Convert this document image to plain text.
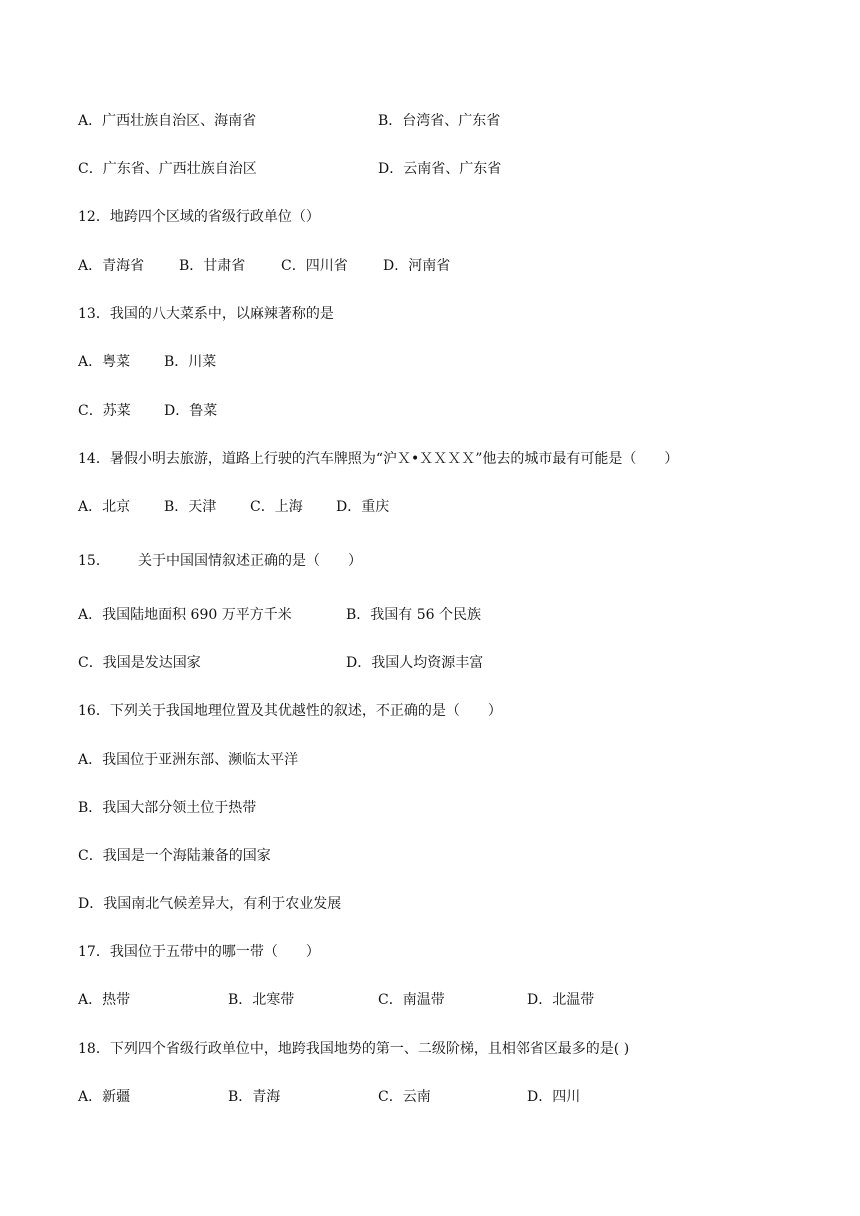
A．广西壮族自治区、海南省	B．台湾省、广东省
C．广东省、广西壮族自治区	D．云南省、广东省
12．地跨四个区域的省级行政单位（）
A．青海省 B．甘肃省	C．四川省	D．河南省
13．我国的八大菜系中，以麻辣著称的是
A．粤菜 B．川菜
C．苏菜 D．鲁菜
14．暑假小明去旅游，道路上行驶的汽车牌照为“沪Ｘ•ＸＸＸＸ”他去的城市最有可能是（　　）
A．北京 B．天津 C．上海 D．重庆
15． 关于中国国情叙述正确的是（　　）
A．我国陆地面积 690 万平方千米	B．我国有 56 个民族
C．我国是发达国家	D．我国人均资源丰富
16．下列关于我国地理位置及其优越性的叙述，不正确的是（　　）
A．我国位于亚洲东部、濒临太平洋
B．我国大部分领土位于热带
C．我国是一个海陆兼备的国家
D．我国南北气候差异大，有利于农业发展
17．我国位于五带中的哪一带（　　）
A．热带	B．北寒带	C．南温带	D．北温带
18．下列四个省级行政单位中，地跨我国地势的第一、二级阶梯，且相邻省区最多的是( )
A．新疆	B．青海	C．云南	D．四川
